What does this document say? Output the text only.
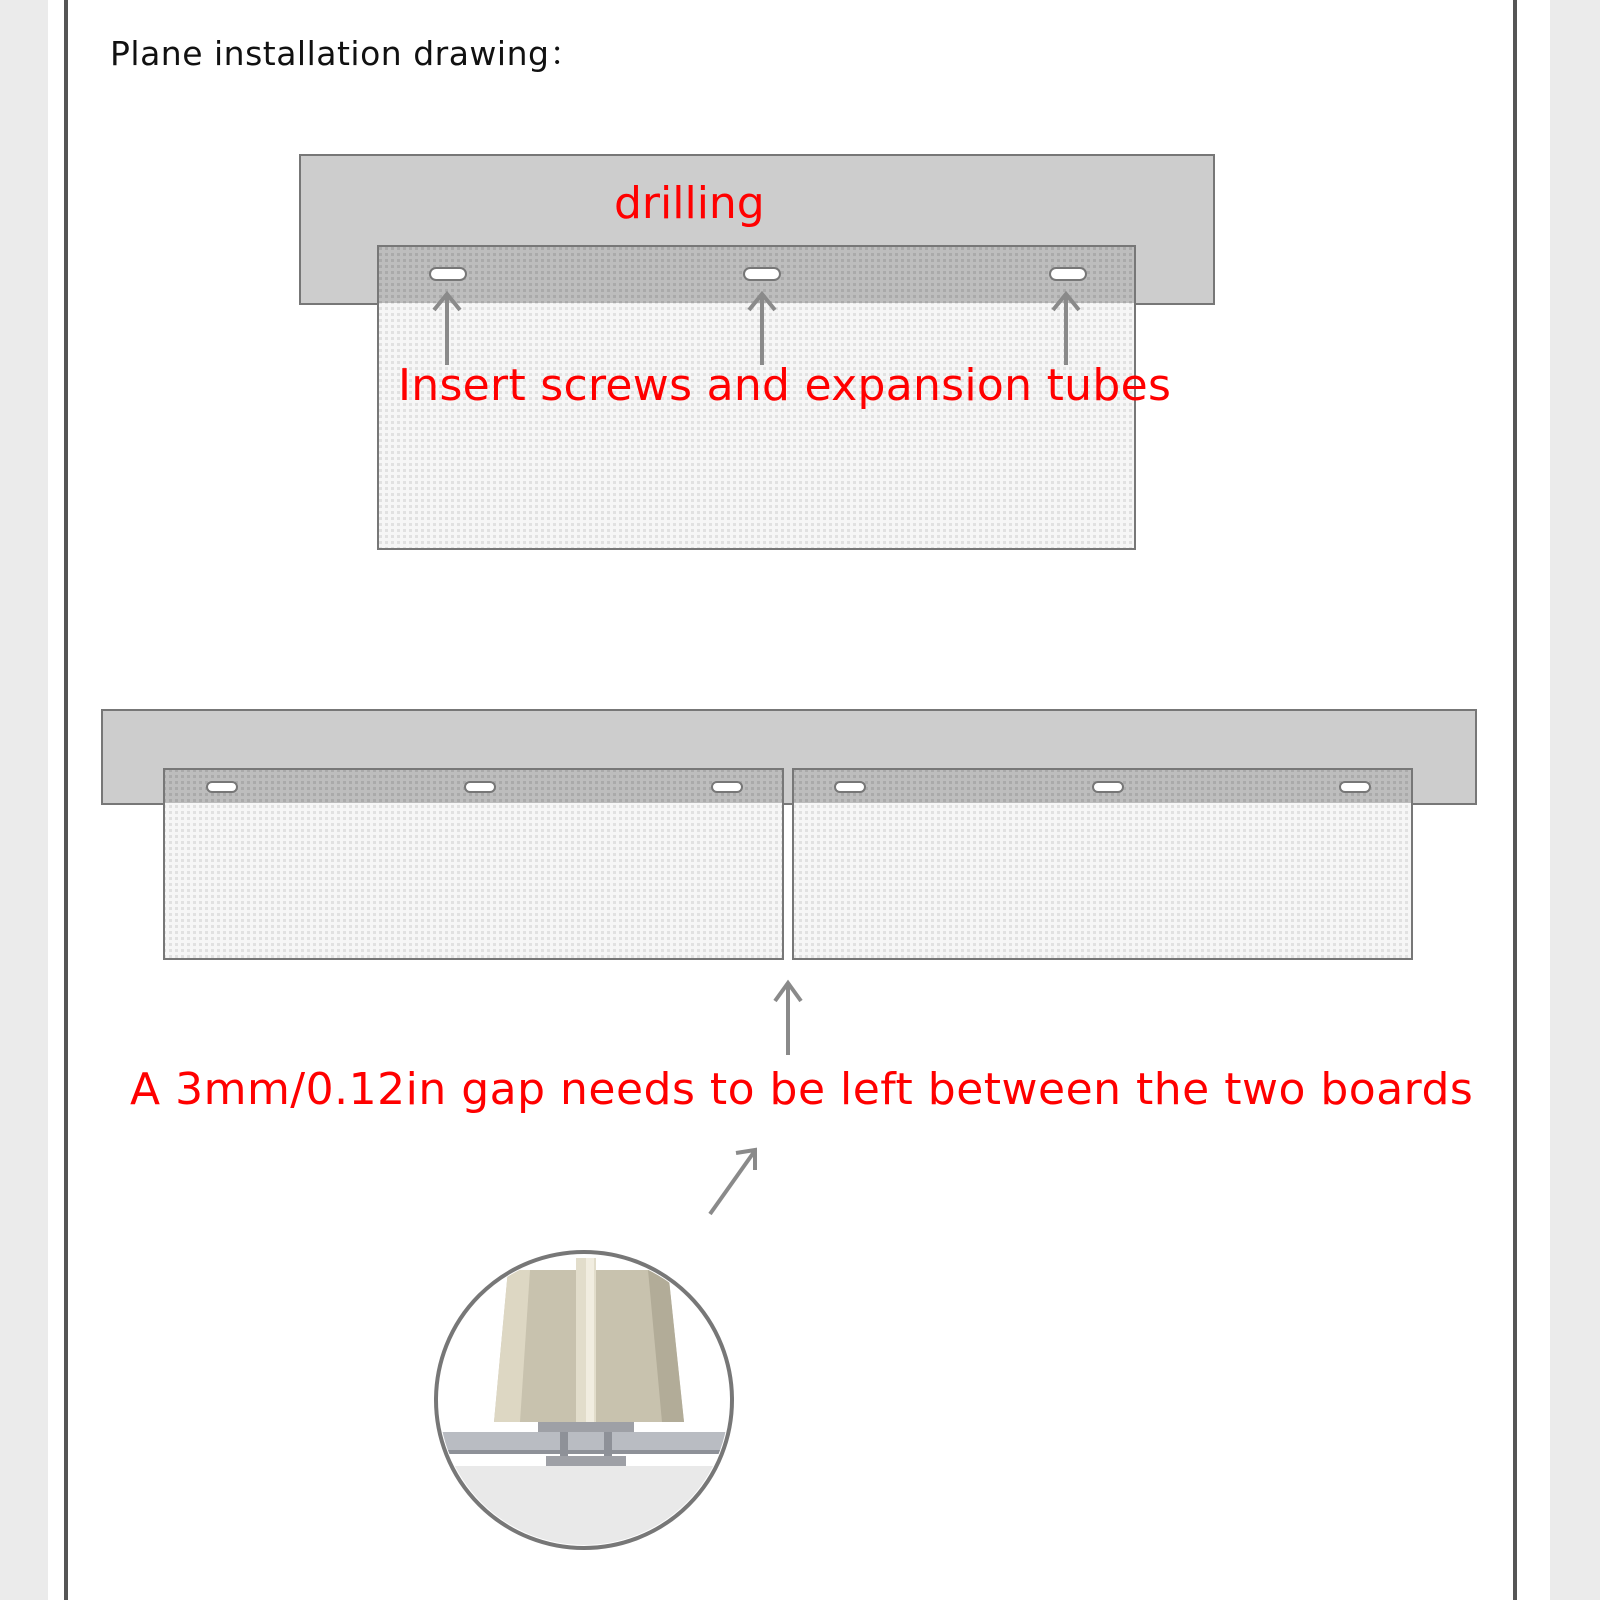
Plane installation drawing：
drilling
Insert screws and expansion tubes
A 3mm/0.12in gap needs to be left between the two boards
